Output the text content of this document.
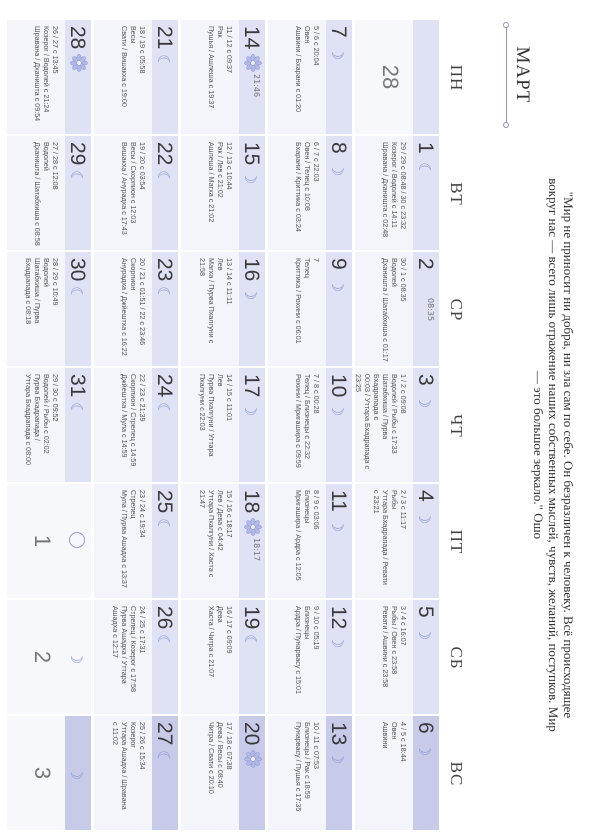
"Мир не приносит ни добра, ни зла сам по себе. Он безразличен к человеку. Всё происходящее вокруг нас — всего лишь отражение наших собственных мыслей, чувств, желаний, поступков. Мир — это большое зеркало." Ошо
МАРТ
ПН
ВТ
СР
ЧТ
ПТ
СБ
ВС
28
1
☾
29 / 29 с 08:48 / 30 с 23:32
Козерог / Водолей с 14:11
Шравана / Дханишта с 02:48
2
08:35
30 / 1 с 08:35
Водолей
Дханишта / Шатабхиша с 01:17
3
☽
1 / 2 с 09:08
Водолей / Рыбы с 17:33
Шатабхиша / Пурва Бхадрапада с
00:03 / Уттара Бхадрапада с
23:25
4
☽
2 / 3 с 11:17
Рыбы
Уттара Бхадрапада / Ревати
с 23:21
5
☽
3 / 4 с 16:07
Рыбы / Овен с 23:58
Ревати / Ашвини с 23:58
6
☽
4 / 5 с 18:44
Овен
Ашвини
7
☽
5 / 6 с 20:04
Овен
Ашвини / Бхарани с 01:20
8
☽
6 / 7 с 22:03
Овен / Телец с 10:08
Бхарани / Криттика с 03:24
9
☽
7
Телец
Криттика / Рохини с 06:01
10
☽
7 / 8 с 00:28
Телец / Близнецы с 22:32
Рохини / Мригашира с 09:59
11
☽
8 / 9 с 03:06
Близнецы
Мригашира / Ардра с 12:05
12
☽
9 / 10 с 05:19
Близнецы
Ардра / Пунарвасу с 15:01
13
☽
10 / 11 с 07:53
Близнецы / Рак с 18:59
Пунарвасу / Пушья с 17:35
14
21:46
11 / 12 с 09:37
Рак
Пушья / Ашлеша с 19:37
15
☽
12 / 13 с 10:44
Рак / Лев с 21:02
Ашлеша / Магха с 21:02
16
☽
13 / 14 с 11:11
Лев
Магха / Пурва Пхалгуни с 21:58
17
☽
14 / 15 с 11:01
Лев
Пурва Пхалгуни / Уттара
Пхалгуни с 22:03
18
18:17
15 / 16 с 18:17
Лев / Дева с 04:42
Уттара Пхалгуни / Хаста с
21:47
19
☾
16 / 17 с 09:09
Дева
Хаста / Читра с 21:07
20
17 / 18 с 07:38
Дева / Весы с 08:40
Читра / Свати с 20:10
21
☾
18 / 19 с 05:58
Весы
Свати / Вишакха с 19:00
22
☾
19 / 20 с 03:54
Весы / Скорпион с 12:03
Вишакха / Анурадха с 17:43
23
☾
20 / 21 с 01:51 / 22 с 23:46
Скорпион
Анурадха / Джйештха с 16:22
24
☾
22 / 23 с 21:39
Скорпион / Стрелец с 14:59
Джйештха / Мула с 14:59
25
☾
23 / 24 с 19:34
Стрелец
Мула / Пурва Ашадха с 13:37
26
☾
24 / 25 с 17:31
Стрелец / Козерог с 17:58
Пурва Ашадха / Уттара
Ашадха с 12:17
27
☾
25 / 26 с 15:34
Козерог
Уттара Ашадха / Шравана
с 11:02
28
26 / 27 с 13:45
Козерог / Водолей с 21:24
Шравана / Дханишта с 09:54
29
☾
27 / 28 с 12:08
Водолей
Дханишта / Шатабхиша с 08:58
30
☾
28 / 29 с 10:49
Водолей
Шатабхиша / Пурва
Бхадрапада с 08:18
31
☾
29 / 30 с 09:52
Водолей / Рыбы с 02:02
Пурва Бхадрапада /
Уттара Бхадрапада с 08:00
1
2 ☽
3 ☽
